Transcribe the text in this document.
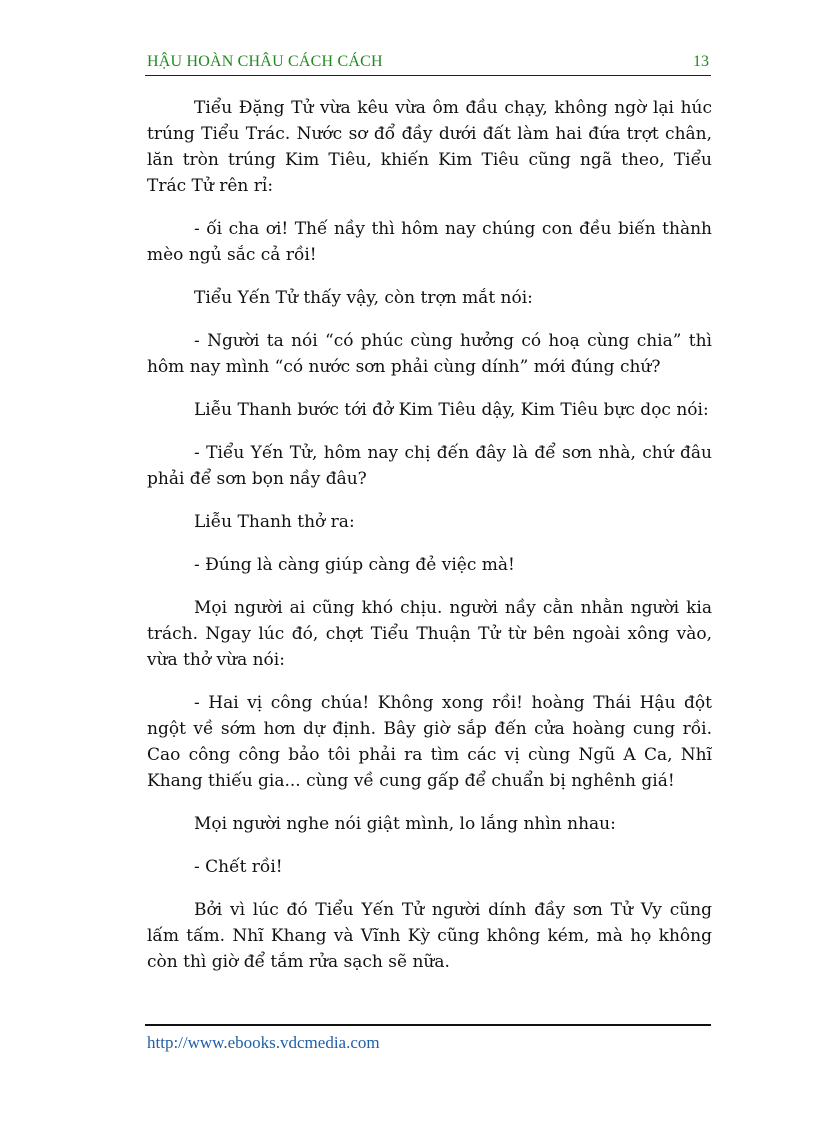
HẬU HOÀN CHÂU CÁCH CÁCH	13

Tiểu Đặng Tử vừa kêu vừa ôm đầu chạy, không ngờ lại húc trúng Tiểu Trác. Nước sơ đổ đầy dưới đất làm hai đứa trợt chân, lăn tròn trúng Kim Tiêu, khiến Kim Tiêu cũng ngã theo, Tiểu Trác Tử rên rỉ:

- ối cha ơi! Thế nầy thì hôm nay chúng con đều biến thành mèo ngủ sắc cả rồi!

Tiểu Yến Tử thấy vậy, còn trợn mắt nói:

- Người ta nói “có phúc cùng hưởng có hoạ cùng chia” thì hôm nay mình “có nước sơn phải cùng dính” mới đúng chứ?

Liễu Thanh bước tới đở Kim Tiêu dậy, Kim Tiêu bực dọc nói:

- Tiểu Yến Tử, hôm nay chị đến đây là để sơn nhà, chứ đâu phải để sơn bọn nầy đâu?

Liễu Thanh thở ra:

- Đúng là càng giúp càng đẻ việc mà!

Mọi người ai cũng khó chịu. người nầy cằn nhằn người kia trách. Ngay lúc đó, chợt Tiểu Thuận Tử từ bên ngoài xông vào, vừa thở vừa nói:

- Hai vị công chúa! Không xong rồi! hoàng Thái Hậu đột ngột về sớm hơn dự định. Bây giờ sắp đến cửa hoàng cung rồi. Cao công công bảo tôi phải ra tìm các vị cùng Ngũ A Ca, Nhĩ Khang thiếu gia... cùng về cung gấp để chuẩn bị nghênh giá!

Mọi người nghe nói giật mình, lo lắng nhìn nhau:

- Chết rồi!

Bởi vì lúc đó Tiểu Yến Tử người dính đầy sơn Tử Vy cũng lấm tấm. Nhĩ Khang và Vĩnh Kỳ cũng không kém, mà họ không còn thì giờ để tắm rửa sạch sẽ nữa.

http://www.ebooks.vdcmedia.com
